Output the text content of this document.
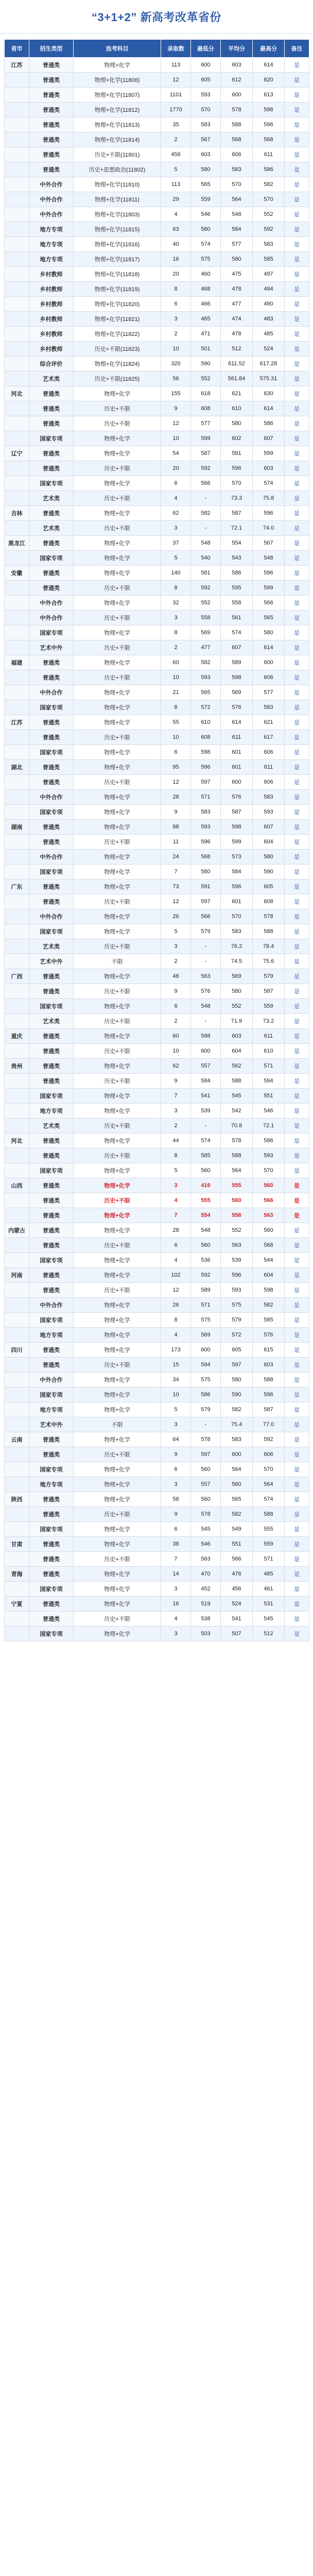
“3+1+2” 新高考改革省份
省市	招生类型	选考科目	录取数	最低分	平均分	最高分	备注
江苏	普通类	物理+化学	113	600	603	614	是
	普通类	物理+化学(11806)	12	605	612	620	是
	普通类	物理+化学(11807)	1101	593	600	613	是
	普通类	物理+化学(11812)	1770	570	578	598	是
	普通类	物理+化学(11813)	35	583	588	596	是
	普通类	物理+化学(11814)	2	567	568	568	是
	普通类	历史+不限(11801)	456	603	606	611	是
	普通类	历史+思想政治(11802)	5	580	583	586	是
	中外合作	物理+化学(11810)	113	565	570	582	是
	中外合作	物理+化学(11811)	29	559	564	570	是
	中外合作	物理+化学(11803)	4	546	548	552	是
	地方专项	物理+化学(11815)	63	580	584	592	是
	地方专项	物理+化学(11816)	40	574	577	583	是
	地方专项	物理+化学(11817)	16	575	580	585	是
	乡村教师	物理+化学(11818)	20	460	475	497	是
	乡村教师	物理+化学(11819)	8	468	478	494	是
	乡村教师	物理+化学(11820)	6	466	477	490	是
	乡村教师	物理+化学(11821)	3	465	474	483	是
	乡村教师	物理+化学(11822)	2	471	478	485	是
	乡村教师	历史+不限(11823)	10	501	512	524	是
	综合评价	物理+化学(11824)	320	590	611.52	617.28	是
	艺术类	历史+不限(11825)	56	552	561.84	575.31	是
河北	普通类	物理+化学	155	618	621	630	是
	普通类	历史+不限	9	608	610	614	是
	普通类	历史+不限	12	577	580	586	是
	国家专项	物理+化学	10	599	602	607	是
辽宁	普通类	物理+化学	54	587	591	599	是
	普通类	历史+不限	20	592	596	603	是
	国家专项	物理+化学	6	566	570	574	是
	艺术类	历史+不限	4	-	73.3	75.8	是
吉林	普通类	物理+化学	62	582	587	596	是
	艺术类	历史+不限	3	-	72.1	74.0	是
黑龙江	普通类	物理+化学	37	548	554	567	是
	国家专项	物理+化学	5	540	543	548	是
安徽	普通类	物理+化学	140	581	586	596	是
	普通类	历史+不限	8	592	595	599	是
	中外合作	物理+化学	32	552	558	566	是
	中外合作	历史+不限	3	558	561	565	是
	国家专项	物理+化学	8	569	574	580	是
	艺术中外	历史+不限	2	477	607	614	是
福建	普通类	物理+化学	60	582	589	600	是
	普通类	历史+不限	10	593	598	606	是
	中外合作	物理+化学	21	565	569	577	是
	国家专项	物理+化学	8	572	576	583	是
江苏	普通类	物理+化学	55	610	614	621	是
	普通类	历史+不限	10	608	611	617	是
	国家专项	物理+化学	6	598	601	606	是
湖北	普通类	物理+化学	95	596	601	611	是
	普通类	历史+不限	12	597	600	606	是
	中外合作	物理+化学	28	571	576	583	是
	国家专项	物理+化学	9	583	587	593	是
湖南	普通类	物理+化学	88	593	598	607	是
	普通类	历史+不限	11	596	599	604	是
	中外合作	物理+化学	24	568	573	580	是
	国家专项	物理+化学	7	580	584	590	是
广东	普通类	物理+化学	73	591	596	605	是
	普通类	历史+不限	12	597	601	608	是
	中外合作	物理+化学	26	566	570	578	是
	国家专项	物理+化学	5	579	583	588	是
	艺术类	历史+不限	3	-	76.2	78.4	是
	艺术中外	不限	2	-	74.5	75.6	是
广西	普通类	物理+化学	48	563	569	579	是
	普通类	历史+不限	9	576	580	587	是
	国家专项	物理+化学	6	548	552	559	是
	艺术类	历史+不限	2	-	71.9	73.2	是
重庆	普通类	物理+化学	60	598	603	611	是
	普通类	历史+不限	10	600	604	610	是
贵州	普通类	物理+化学	62	557	562	571	是
	普通类	历史+不限	9	584	588	594	是
	国家专项	物理+化学	7	541	545	551	是
	地方专项	物理+化学	3	539	542	546	是
	艺术类	历史+不限	2	-	70.8	72.1	是
河北	普通类	物理+化学	44	574	578	586	是
	普通类	历史+不限	8	585	588	593	是
	国家专项	物理+化学	5	560	564	570	是
山西	普通类	物理+化学	3	416	555	560	是
	普通类	历史+不限	4	555	560	566	是
	普通类	物理+化学	7	554	558	563	是
内蒙古	普通类	物理+化学	28	548	552	560	是
	普通类	历史+不限	6	560	563	568	是
	国家专项	物理+化学	4	536	539	544	是
河南	普通类	物理+化学	102	592	596	604	是
	普通类	历史+不限	12	589	593	598	是
	中外合作	物理+化学	26	571	575	582	是
	国家专项	物理+化学	8	575	579	585	是
	地方专项	物理+化学	4	569	572	576	是
四川	普通类	物理+化学	173	600	605	615	是
	普通类	历史+不限	15	594	597	603	是
	中外合作	物理+化学	34	575	580	588	是
	国家专项	物理+化学	10	586	590	596	是
	地方专项	物理+化学	5	579	582	587	是
	艺术中外	不限	3	-	75.4	77.0	是
云南	普通类	物理+化学	64	578	583	592	是
	普通类	历史+不限	9	597	600	606	是
	国家专项	物理+化学	6	560	564	570	是
	地方专项	物理+化学	3	557	560	564	是
陕西	普通类	物理+化学	58	560	565	574	是
	普通类	历史+不限	9	578	582	588	是
	国家专项	物理+化学	6	545	549	555	是
甘肃	普通类	物理+化学	38	546	551	559	是
	普通类	历史+不限	7	563	566	571	是
青海	普通类	物理+化学	14	470	476	485	是
	国家专项	物理+化学	3	452	456	461	是
宁夏	普通类	物理+化学	16	519	524	531	是
	普通类	历史+不限	4	538	541	545	是
	国家专项	物理+化学	3	503	507	512	是
